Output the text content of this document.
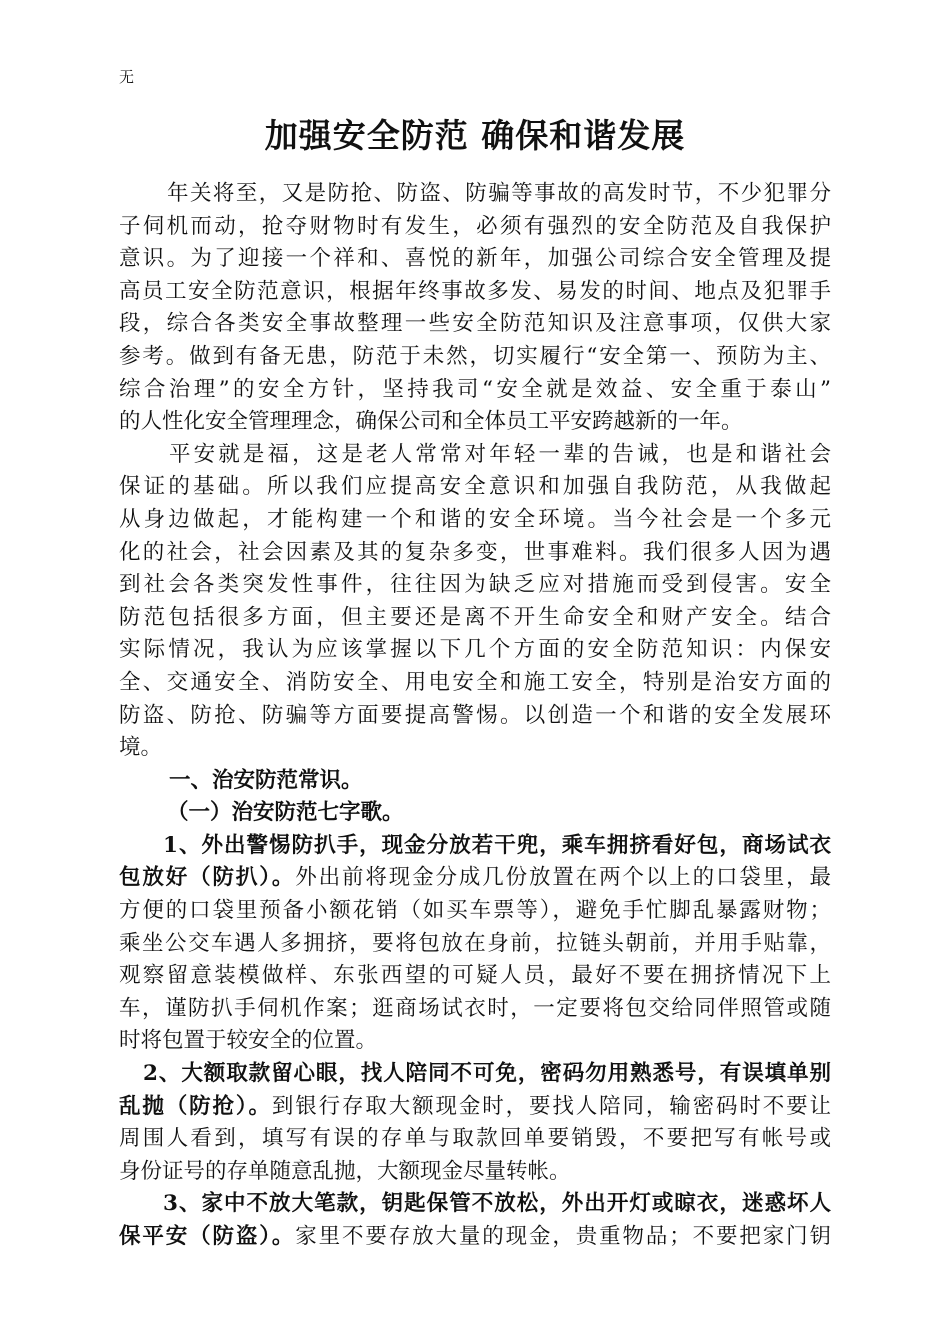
无
加强安全防范 确保和谐发展
年关将至，又是防抢、防盗、防骗等事故的高发时节，不少犯罪分
子伺机而动，抢夺财物时有发生，必须有强烈的安全防范及自我保护
意识。为了迎接一个祥和、喜悦的新年，加强公司综合安全管理及提
高员工安全防范意识，根据年终事故多发、易发的时间、地点及犯罪手
段，综合各类安全事故整理一些安全防范知识及注意事项，仅供大家
参考。做到有备无患，防范于未然，切实履行“安全第一、预防为主、
综合治理”的安全方针，坚持我司“安全就是效益、安全重于泰山”
的人性化安全管理理念，确保公司和全体员工平安跨越新的一年。
平安就是福，这是老人常常对年轻一辈的告诫，也是和谐社会
保证的基础。所以我们应提高安全意识和加强自我防范，从我做起
从身边做起，才能构建一个和谐的安全环境。当今社会是一个多元
化的社会，社会因素及其的复杂多变，世事难料。我们很多人因为遇
到社会各类突发性事件，往往因为缺乏应对措施而受到侵害。安全
防范包括很多方面，但主要还是离不开生命安全和财产安全。结合
实际情况，我认为应该掌握以下几个方面的安全防范知识：内保安
全、交通安全、消防安全、用电安全和施工安全，特别是治安方面的
防盗、防抢、防骗等方面要提高警惕。以创造一个和谐的安全发展环
境。
一、治安防范常识。
（一）治安防范七字歌。
1、外出警惕防扒手，现金分放若干兜，乘车拥挤看好包，商场试衣
包放好（防扒）。外出前将现金分成几份放置在两个以上的口袋里，最
方便的口袋里预备小额花销（如买车票等），避免手忙脚乱暴露财物；
乘坐公交车遇人多拥挤，要将包放在身前，拉链头朝前，并用手贴靠，
观察留意装模做样、东张西望的可疑人员，最好不要在拥挤情况下上
车，谨防扒手伺机作案；逛商场试衣时，一定要将包交给同伴照管或随
时将包置于较安全的位置。
2、大额取款留心眼，找人陪同不可免，密码勿用熟悉号，有误填单别
乱抛（防抢）。到银行存取大额现金时，要找人陪同，输密码时不要让
周围人看到，填写有误的存单与取款回单要销毁，不要把写有帐号或
身份证号的存单随意乱抛，大额现金尽量转帐。
3、家中不放大笔款，钥匙保管不放松，外出开灯或晾衣，迷惑坏人
保平安（防盗）。家里不要存放大量的现金，贵重物品；不要把家门钥
